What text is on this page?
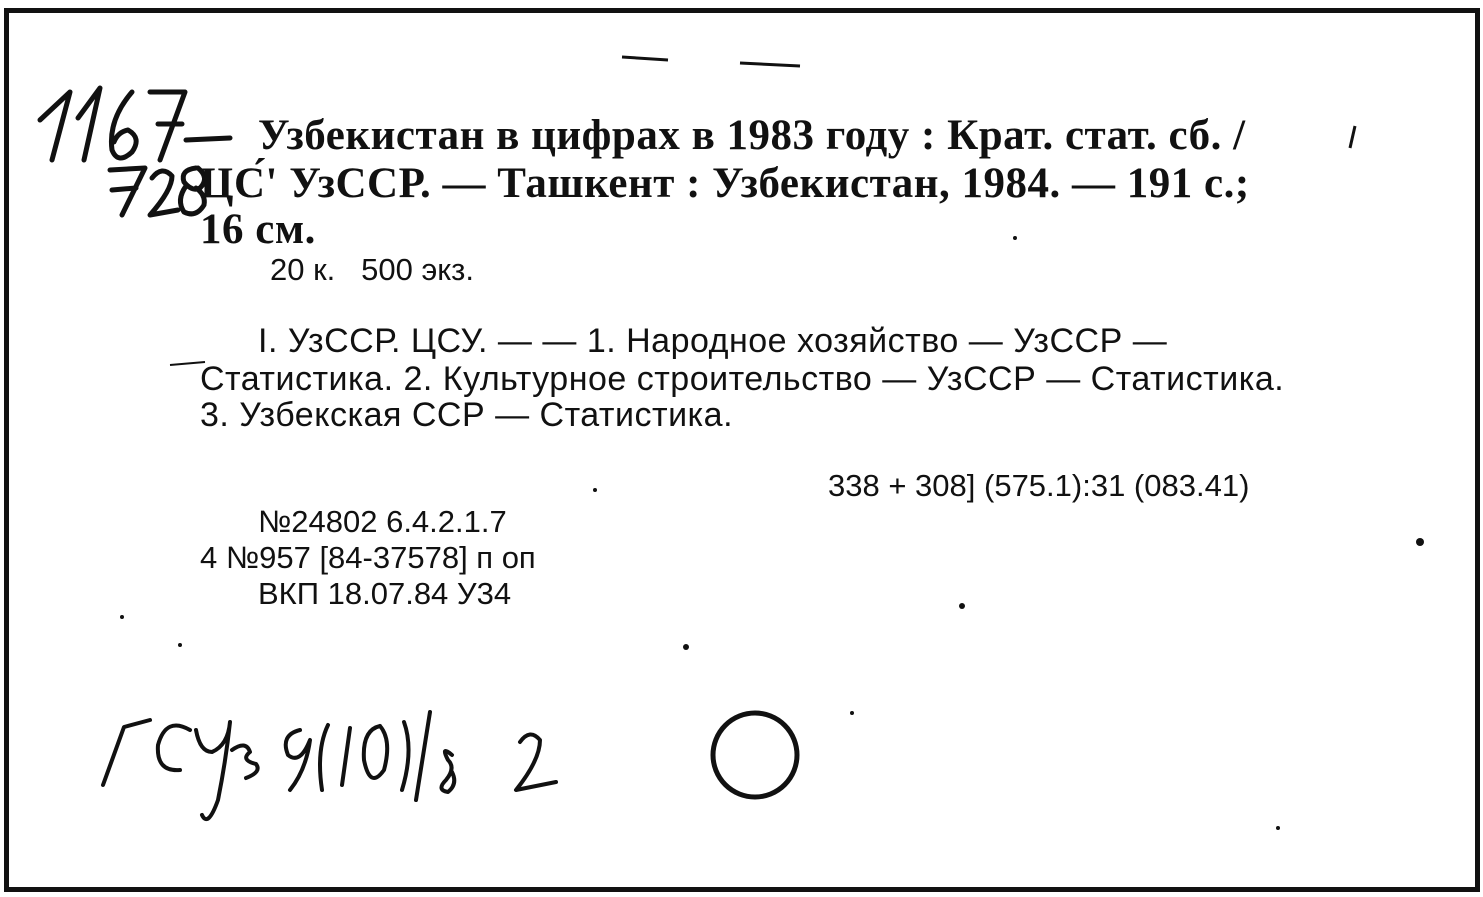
Узбекистан в цифрах в 1983 году : Крат. стат. сб. /
ЦС́' УзССР. — Ташкент : Узбекистан, 1984. — 191 с.;
16 см.
20 к.   500 экз.
I. УзССР. ЦСУ. — — 1. Народное хозяйство — УзССР —
Статистика. 2. Культурное строительство — УзССР — Статистика.
3. Узбекская ССР — Статистика.
338 + 308] (575.1):31 (083.41)
№24802 6.4.2.1.7
4 №957 [84-37578] п оп
ВКП 18.07.84 У34
